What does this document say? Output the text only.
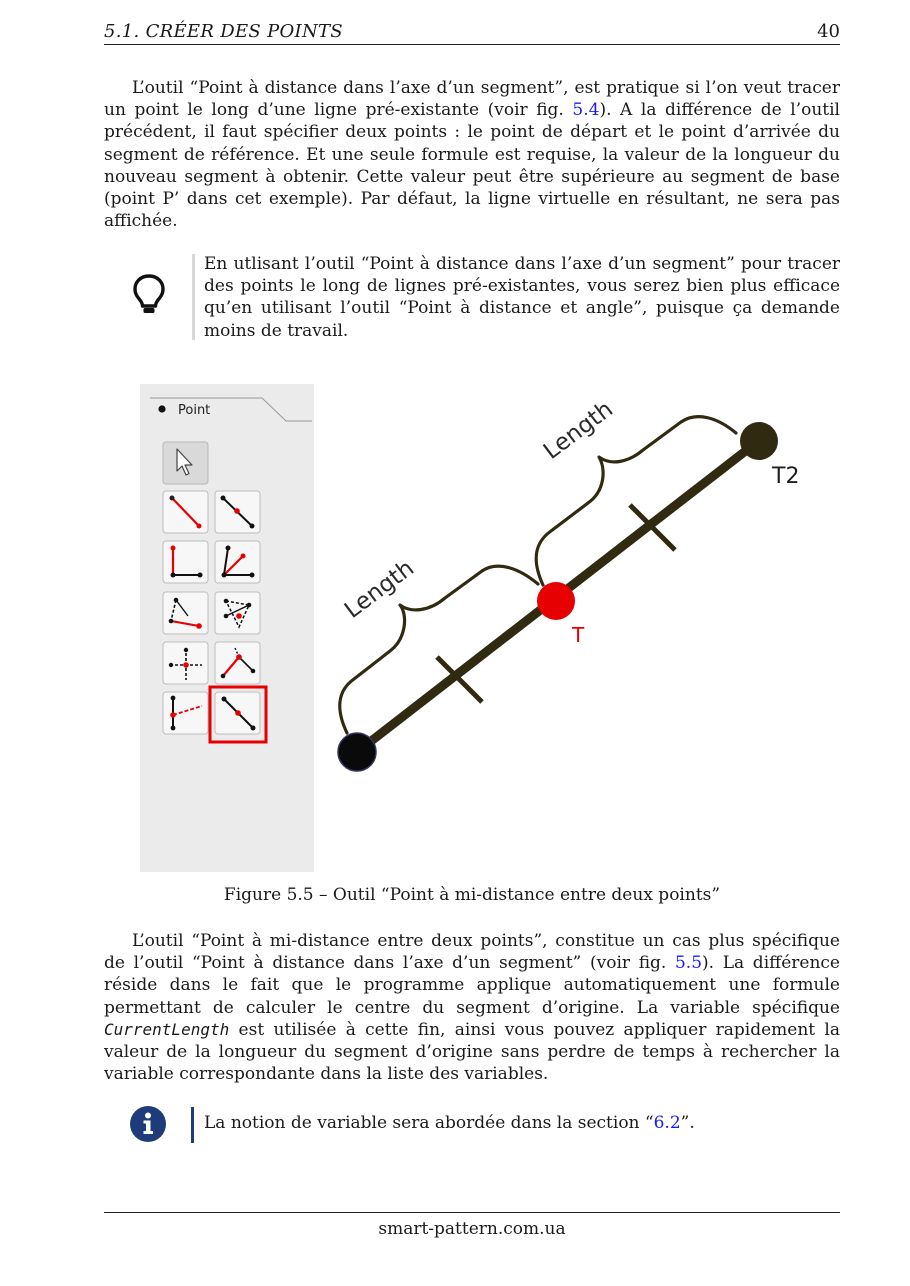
5.1. CRÉER DES POINTS	40

L’outil “Point à distance dans l’axe d’un segment”, est pratique si l’on veut tracer un point le long d’une ligne pré-existante (voir fig. 5.4). A la différence de l’outil précédent, il faut spécifier deux points : le point de départ et le point d’arrivée du segment de référence. Et une seule formule est requise, la valeur de la longueur du nouveau segment à obtenir. Cette valeur peut être supérieure au segment de base (point P’ dans cet exemple). Par défaut, la ligne virtuelle en résultant, ne sera pas affichée.

En utlisant l’outil “Point à distance dans l’axe d’un segment” pour tracer des points le long de lignes pré-existantes, vous serez bien plus efficace qu’en utilisant l’outil “Point à distance et angle”, puisque ça demande moins de travail.

Point
Length
Length
T
T2
Figure 5.5 – Outil “Point à mi-distance entre deux points”

L’outil “Point à mi-distance entre deux points”, constitue un cas plus spécifique de l’outil “Point à distance dans l’axe d’un segment” (voir fig. 5.5). La différence réside dans le fait que le programme applique automatiquement une formule permettant de calculer le centre du segment d’origine. La variable spécifique CurrentLength est utilisée à cette fin, ainsi vous pouvez appliquer rapidement la valeur de la longueur du segment d’origine sans perdre de temps à rechercher la variable correspondante dans la liste des variables.

La notion de variable sera abordée dans la section “6.2”.

smart-pattern.com.ua
